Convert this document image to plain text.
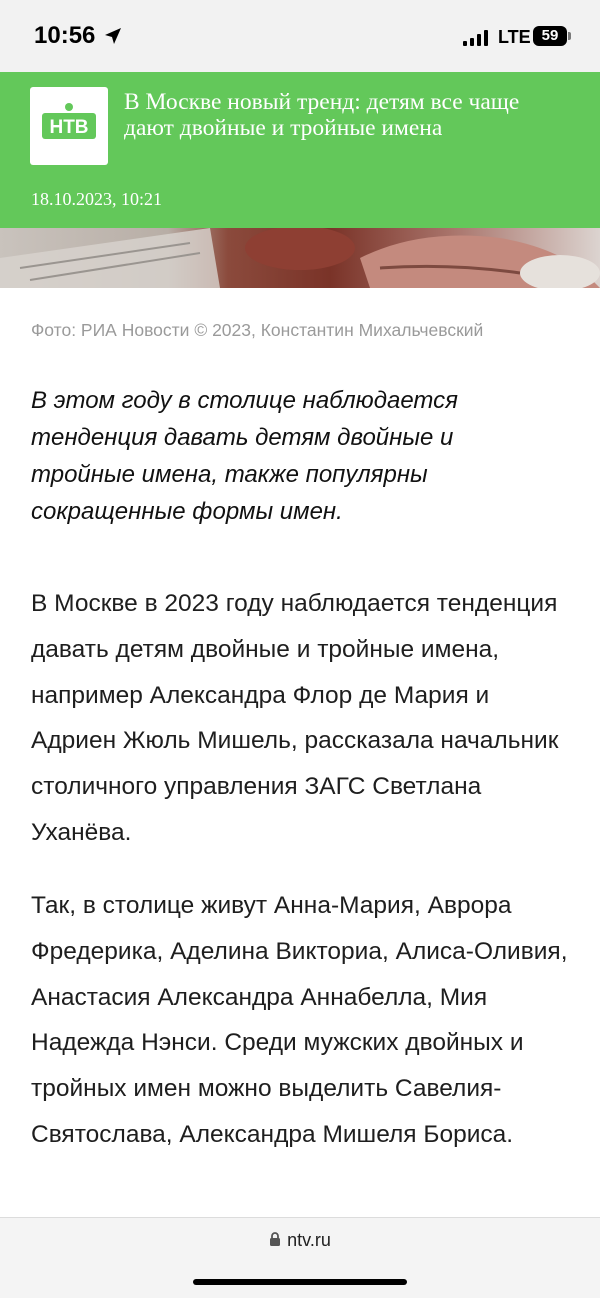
10:56	LTE 59
НТВ
В Москве новый тренд: детям все чаще дают двойные и тройные имена
18.10.2023, 10:21
Фото: РИА Новости © 2023, Константин Михальчевский
В этом году в столице наблюдается тенденция давать детям двойные и тройные имена, также популярны сокращенные формы имен.
В Москве в 2023 году наблюдается тенденция давать детям двойные и тройные имена, например Александра Флор де Мария и Адриен Жюль Мишель, рассказала начальник столичного управления ЗАГС Светлана Уханёва.
Так, в столице живут Анна-Мария, Аврора Фредерика, Аделина Викториа, Алиса-Оливия, Анастасия Александра Аннабелла, Мия Надежда Нэнси. Среди мужских двойных и тройных имен можно выделить Савелия-Святослава, Александра Мишеля Бориса.
ntv.ru
